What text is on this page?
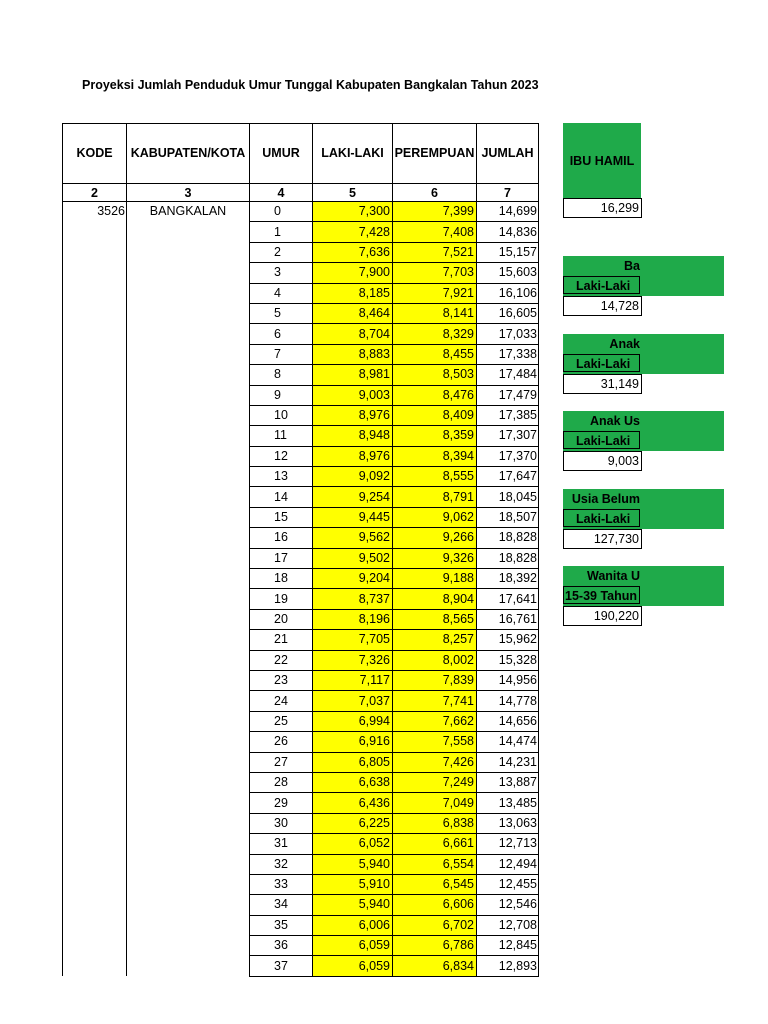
Proyeksi Jumlah Penduduk Umur Tunggal Kabupaten Bangkalan Tahun 2023
KODE	KABUPATEN/KOTA	UMUR	LAKI-LAKI	PEREMPUAN	JUMLAH
2	3	4	5	6	7
3526	BANGKALAN	0	7,300	7,399	14,699
		1	7,428	7,408	14,836
		2	7,636	7,521	15,157
		3	7,900	7,703	15,603
		4	8,185	7,921	16,106
		5	8,464	8,141	16,605
		6	8,704	8,329	17,033
		7	8,883	8,455	17,338
		8	8,981	8,503	17,484
		9	9,003	8,476	17,479
		10	8,976	8,409	17,385
		11	8,948	8,359	17,307
		12	8,976	8,394	17,370
		13	9,092	8,555	17,647
		14	9,254	8,791	18,045
		15	9,445	9,062	18,507
		16	9,562	9,266	18,828
		17	9,502	9,326	18,828
		18	9,204	9,188	18,392
		19	8,737	8,904	17,641
		20	8,196	8,565	16,761
		21	7,705	8,257	15,962
		22	7,326	8,002	15,328
		23	7,117	7,839	14,956
		24	7,037	7,741	14,778
		25	6,994	7,662	14,656
		26	6,916	7,558	14,474
		27	6,805	7,426	14,231
		28	6,638	7,249	13,887
		29	6,436	7,049	13,485
		30	6,225	6,838	13,063
		31	6,052	6,661	12,713
		32	5,940	6,554	12,494
		33	5,910	6,545	12,455
		34	5,940	6,606	12,546
		35	6,006	6,702	12,708
		36	6,059	6,786	12,845
		37	6,059	6,834	12,893
IBU HAMIL
16,299
Ba
Laki-Laki
14,728
Anak
Laki-Laki
31,149
Anak Us
Laki-Laki
9,003
Usia Belum
Laki-Laki
127,730
Wanita U
15-39 Tahun
190,220
